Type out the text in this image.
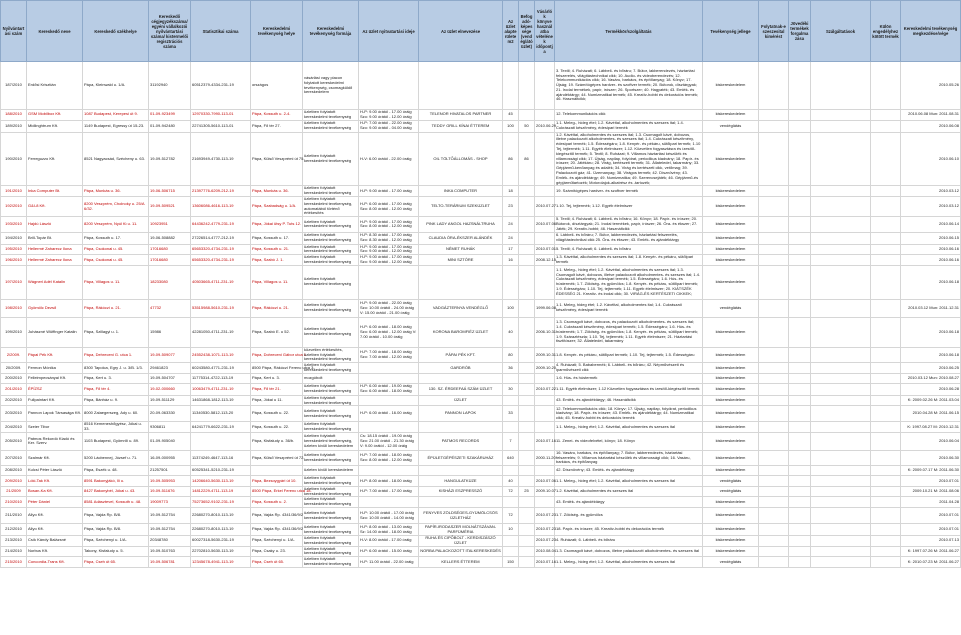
Nyilvántartási szám	Kereskedő neve	Kereskedő székhelye	Kereskedő cégjegyzékszáma/ egyéni vállalkozói nyilvántartási száma/ kistermelői regisztrációs száma	Statisztikai száma	Kereskedelmi tevékenység helye	Kereskedelmi tevékenység formája	Az üzlet nyitvatartási ideje	Az üzlet elnevezése	Az üzlet alapterülete m2	Befogadó-képessége (vendéglátó üzlet)	Vásárlók könyve használatba vételének időpontja	Termékkör/szolgáltatás	Tevékenység jellege	Folytatnak-e szeszesital kimérést	Jövedéki termékek forgalmazása	Szálgáltatások	Külön engedélyhez kötött termék	Kereskedelmi tevékenység megkezdése/vége
187/2010	Erdősi Krisztián	Pápa, Kleinwald u. 1/A.	31192940	60512379-4334-231-19	országos	vásárlási vagy piacon folytatott kereskedelmi tevékenység, csomagküldő kereskedelem						3. Textil; 4. Ruházati; 6. Lábbeli- és bőráru; 7. Bútor, lakberendezés, háztartási felszerelés, világítástechnikai cikk; 10. Audio- és videoberendezés; 12. Telekommunikációs cikk; 16. Vasáru, barkács, és építőanyag; 18. Könyv; 17. Újság; 19. Számítógépes hardver- és szoftver termék; 20. Bútorok, dísztárgyak; 21. Irodai termékek, papír, írószer; 26. Sportszer; 40. Hagyaték; 43. Emlék- és ajándéktárgy; 44. Numizmatikai termék; 45. Kreatív-hobbi és dekorációs termék; 46. Használtcikk;	kiskereskedelem					2010.05.26
188/2010	GSM Mobilbox Kft.	1087 Budapest, Kerepesi út 9.	01-09-923499	12970330-7990-113-01	Pápa, Kossuth u. 2-4.	üzletben folytatott kereskedelmi tevékenység	H-P: 9.00 órától - 17.00 óráig Szo: 9.00 órától - 12.00 óráig	TELENOR HIVATALOS PARTNER	45			12. Telekommunikációs cikk	kiskereskedelem					2010.06.08 Mun: 2011.08.31
189/2010	Midlinghtrum Kft.	1149 Budapest, Egressy út 15-23.	01-09-942480	22741305-5610-113-01	Pápa, Fő tér 27.	üzletben folytatott kereskedelmi tevékenység	H-P: 7.00 órától - 22.00 óráig Szo: 9.00 órától - 04.00 óráig	TEDDY GRILL KÍNAI ÉTTEREM	100	50	2010.06.29	1.1. Meleg-, hideg étel; 1.2. Kávéital, alkoholmentes és szeszes ital; 1.4. Cukrászati készítmény, édesipari termék	vendéglátás					2010.06.08
190/2010	Ferreguzzo Kft.	8521 Nagyacsád, Szécheny u. 63.	19-09-512782	21693949-4730-113-19	Pápa, Külső Veszprémi út 75.	üzletben folytatott kereskedelmi tevékenység	H-V: 6.00 órától - 22.00 óráig	OIL TÖLTŐÁLLOMÁS - SHOP	86	86		1.2. Kávéital, alkoholmentes és szeszes ital; 1.3. Csomagolt kávé, dobozos, illetve palackozott alkoholmentes- és szeszes ital; 1.4. Cukrászati készítmény, édesipari termék; 1.5. Édességáru; 1.8. Kenyér- és pékáru, sütőipari termék; 1.10 Tej, tejtermék; 1.11. Egyéb élelmiszer; 1.12. Közvetlen fogyasztásra és ízesítő-kiegészítő termék; 5. Textil; 8. Ruházat; 9. Villamos háztartási készülék és villamossági cikk; 17. Újság, napilap, folyóirat, periodikus kiadvány; 18. Papír- és írószer; 20. Játékáru; 28. Virág, kertészeti termék; 31. Állateledel, takarmány; 33. Gépjármű-kenőanyag és adalék; 34. Virág és kertészeti cikk, vetőmag; 39. Palackozott gáz; 41. Üzemanyag; 38. Virágos termék; 42. Dísznövény; 43. Emlék- és ajándéktárgy; 49. Numizmatika; 49. Szerencsejáték; 46. Gépjármű-és gépjárműtartozék; Motorolajok-alkatrész és -tartozék;	kiskereskedelem					2010.06.10
191/2010	Inka Computer Bt.	Pápa, Munkás u. 36.	19-06-506715	21397776-6209-212-19	Pápa, Munkás u. 36.	üzletben folytatott kereskedelmi tevékenység	H-P: 9.00 órától - 17.00 óráig	INKA COMPUTER	18			19. Számítógépes hardver- és szoftver termék	kiskereskedelem					2010.03.12
192/2010	G&I-8 Kft.	8200 Veszprém, Cholnoky u. 25/A 6/32.	19-09-509521	13606086-4616-113-19	Pápa, Szabadság u. 1/A.	üzletben folytatott kereskedelmi tevékenység, automatából történő értékesítés	H-P: 6.00 órától - 17.00 óráig Szo: 8.00 órától - 12.00 óráig	TELTO-TERÁRIUM SZEKÜZLET	23		2010.07.27	1.10. Tej, tejtermék; 1.12. Egyéb élelmiszer	kiskereskedelem					2010.03.12
193/2010	Hajdú László	8200 Veszprém, Nyúl fü u. 11.	10923951	64436242-4779-231-19	Pápa, Jókai ütsy P. Tuts 12.	üzletben folytatott kereskedelmi tevékenység	H-P: 9.00 órától - 17.00 óráig Szo: 8.00 órától - 12.00 óráig	PINK LADY ANGOL HAZSNÁLTRUHA	24		2010.07.06	5. Textil; 4. Ruházati; 6. Lábbeli- és bőráru; 16. Könyv; 18. Papír- és írószer; 20. Bútorok, dísztárgyak; 21. Irodai termékek, papír, írószer; 26. Óra- és ékszer; 27. Játék; 29. Kreatív-hobbi; 46. Használtcikk	kiskereskedelem					2010.06.14
194/2010	Brill-Topár Bt.	Pápa, Kossuth u. 17.	19-06-508882	27226514-4777-212-19	Pápa, Kossuth u. 17.	üzletben folytatott kereskedelmi tevékenység	H-P: 8.30 órától - 17.00 óráig Szo: 8.30 órától - 12.00 óráig	CLAUDIA ÓRA-ÉKSZER ALÁNDÉK	24			6. Lábbeli- és bőráru; 7. Bútor, lakberendezés, háztartási felszerelés, világítástechnikai cikk 25. Óra- és ékszer; 43. Emlék- és ajándéktárgy	kiskereskedelem					2010.06.15
195/2010	Hellermé Zaharecz Ilona	Pápa, Csokonai u. 45.	17016680	65653320-4734-231-19	Pápa, Kossuth u. 21.	üzletben folytatott kereskedelmi tevékenység	H-P: 9.00 órától - 17.00 óráig Szo: 9.00 órától - 12.00 óráig	NÉMET RUHÁK	17		2010.07.01	5. Textil; 4. Ruházati; 6. Lábbeli- és bőráru	kiskereskedelem					2010.06.16
196/2010	Hellermé Zaharecz Ilona	Pápa, Csokonai u. 45.	17016680	65653320-4734-231-19	Pápa, Szabó J. 1.	üzletben folytatott kereskedelmi tevékenység	H-P: 9.00 órától - 17.00 óráig Szo: 9.00 órától - 12.00 óráig	MINI SZTÓRE	16		2008.12.15	1.3. Kávéital, alkoholmentes és szeszes ital; 1.8. Kenyér- és pékáru, sütőipari termék	kiskereskedelem					2010.06.16
197/2010	Wágnerl Adél Katalin	Pápa, Villagos u. 11.	18233080	40503665-4711-231-19	Pápa, Villagos u. 11.	üzletben folytatott kereskedelmi tevékenység						1.1. Meleg-, hideg étel; 1.2. Kávéital, alkoholmentes és szeszes ital; 1.3. Csomagolt kávé, dobozos, illetve palackozott alkoholmentes- és szeszes ital; 1.4. Cukrászati készítmény, édesipari termék; 1.5. Édességáru; 1.6. Hús- és hústermék; 1.7. Zöldség- és gyümölcs; 1.8. Kenyér- és pékáru, sütőipari termék; 1.9. Édességáru; 1.10. Tej, tejtermék; 1.11. Egyéb élelmiszer; 20. KIÁTSZÉK ÉDESSÉG 21. Kreatív- és irodai cikk; 30. VIRÁG-ÉS KERTÉSZETI CIKKEK;	kiskereskedelem					2010.06.18
198/2010	Gyömölc Dezső	Pápa, Rákóczi u. 21.	47732	53515988-5610-231-19	Pápa, Rákóczi u. 21.	üzletben folytatott kereskedelmi tevékenység	H-P: 9.00 órától - 22.00 óráig Szo: 10.00 órától - 24.00 óráig V: 15.00 órától - 21.00 óráig	VADGÁZTERNYA VENDÉGLŐ	100		1999.06.08	1.1. Meleg, hideg étel; 1.2. Kávéital, alkoholmentes ital; 1.4. Cukrászati készítmény, édesipari termék	vendéglátás					2010.03.12 Mun: 2011.12.31
199/2010	Juhászné Wüffinger Katalin	Pápa, Szillagyi u. 1.	15986	42281050-4711-231-19	Pápa, Szabó E. u 52.	üzletben folytatott kereskedelmi tevékenység	H-P: 6.00 órától - 18.00 óráig Szo: 6.00 órától - 12.00 óráig V: 7.00 órától - 10.00 óráig	KORONA BAROMFIÉZ ÜZLET	40		2006.10.31	1.3. Csomagolt kávé, dobozos, és palackozott alkoholmentes- és szeszes ital; 1.4. Cukrászati készítmény, édesipari termék; 1.5. Édességáru; 1.6. Hús- és hústermék; 1.7. Zöldség- és gyümölcs; 1.8. Kenyér- és pékáru, sütőipari termék; 1.9. Száraztészta; 1.10. Tej, tejtermék; 1.11. Egyéb élelmiszer; 21. Háztartási tisztítószer; 32. Állateledel, takarmány	kiskereskedelem					2010.06.18
2/2009.	Pápai Pék Kft.	Pápa, Dehreceni G. utca 1.	19-09-509077	24552438-1071-113-19	Pápa, Dohreceni Gábor utca 1.	közvetlen értékesítés, üzletben folytatott kereskedelmi tevékenység	H-P: 7.00 órától - 18.00 óráig Szo: 7.00 órától - 12.00 óráig	PÁPAI PÉK KFT.	80		2009.10.31	1.8. Kenyér- és pékáru, sütőipari termék; 1.10. Tej, tejtermék; 1.5. Édességáru	kiskereskedelem					2010.06.18
20/2009.	Fermon Mónika	8300 Tapolca, Egry J. u. 3/B. 1/3.	29461823	60243580-4771-231-19	8500 Pápa, Rákóczi Ferenc utca 3.	üzletben folytatott kereskedelmi tevékenység		GARDRÓB	36		2009.10.20	4. Ruházati; 5. Bababermék; 6. Lábbeli- és bőráru; 42. Népművészeti és iparművészeti cikk	kiskereskedelem					2010.06.25
200/2010	Felleimpecsányai Kft.	Pápa, Kert u. 3.	19-09-504707	11775314-4722-113-19	Pápa, Kert u. 3.	mozgóbolt						1.6. Hús- és hústermék	kiskereskedelem					2010.03.12 Mun: 2010.08.27
201/2010	ÉPÍZSZ	Pápa, Fő tér 4.	19-02-000660	10063479-4711-231-19	Pápa, Fő tér 21.	üzletben folytatott kereskedelmi tevékenység	H-P: 6.00 órától - 19.00 óráig Szo: 6.00 órától - 18.00 óráig	130. SZ. ÉRDEEFAÁ SZÁM ÜZLET	30		2010.07.22	1.11. Egyéb élelmiszer; 1.12 Közvetlen fogyasztásra és ízesítő-kiegészítő termék	kiskereskedelem					2010.06.28
202/2010	Fullpaintart Kft.	Pápa, Bánház u. 9.	19-09-511129	14631868-1812-113-19	Pápa, Jókai u 11.	üzletben folytatott kereskedelmi tevékenység		ÜZLET				43. Emlék- és ajándéktárgy; 46. Használtcikk	kiskereskedelem					K: 2009.02.26 M: 2011.03.04
203/2010	Pannon Lapok Társasága Kft.	8000 Zalaegerszeg, Ady u. 60.	20-09-063330	11340530-5812-113-20	Pápa, Kossuth u. 22.	üzletben folytatott kereskedelmi tevékenység	H-P: 6.00 órától - 16.00 óráig	PANNON LAPOK	33			12. Telekommunikációs cikk; 18. Könyv; 17. Újság, napilap, folyóirat, periodikus kiadvány; 18. Papír- és írószer; 43. Emlék- és ajándéktárgy; 44. Numizmatikai cikk; 45. Kreatív-hobbi és dekorációs termék	kiskereskedelem					2010.04.28 M: 2011.06.15
204/2010	Szeier Tibor	8516 Kemeneshőgyész, Jókai u. 33.	9306811	64241779-6622-231-19	Pápa, Kossuth u. 22.	üzletben folytatott kereskedelmi tevékenység						1.1. Meleg-, hideg étel; 1.2. Kávéital, alkoholmentes és szeszes ital	kiskereskedelem					K: 1997.08.27 M: 2010.12.31
205/2010	Patmos Rekordó Kiadó és Ker. Szerv.	1103 Budapest, Gyömrői u. 89.	01-09-905040		Pápa, Kisfaludy u. 36/b.	üzletben folytatott kereskedelmi tevékenység, üzleten kívüli kereskedelem	Cs: 18.15 órától - 19.00 óráig Szo: 21.00 órától - 21.30 óráig V: 9.00 órától - 12.00 óráig	PATMOS RECORDS	7		2010.07.16	11. Zenei- és videofelvétel, könyv; 18. Könyv	kiskereskedelem					2010.06.04
207/2010	Szalmár Kft.	5200 Lácbennej, József u. 71.	16-09-000955	11374249-4647-113-16	Pápa, Külső Veszprémi út 72.	üzletben folytatott kereskedelmi tevékenység	H-P: 7.00 órától - 18.00 óráig Szo: 8.00 órától - 12.00 óráig	ÉPÜLETGÉPÉSZETI SZAKÁRUHÁZ	640		2000.11.20	16. Vasáru, barkács, és építőanyag; 7. Bútor, lakberendezés, háztartási felszerelés; 9. Villamos háztartási készülék és villamossági cikk; 16. Vasáru, barkács, és építőanyag	kiskereskedelem					2010.06.30
208/2010	Kulcsi Péter László	Pápa, Eszék u. 48.	21257501	60525341-5210-231-19		üzleten kívüli kereskedelem						42. Dísznövény; 43. Emlék- és ajándéktárgy	kiskereskedelem					K: 2009.07.17 M: 2011.06.30
209/2010	Lóki-Tak Kft.	8591 Bakonyjákó, Ili u.	19-09-505953	14206640-5630-113-19	Pápa, Bezsoygyári út 10.	üzletben folytatott kereskedelmi tevékenység	H-P: 8.00 órától - 18.00 óráig	HANGULATKÜZE	40		2010.07.06	1.1. Meleg-, hideg étel; 1.2. Kávéital, alkoholmentes és szeszes ital	vendéglátás					2010.07.01
21/2009	Bosan-Ka Kft.	8427 Bakonybél, Jókai u. 43.	19-09-511676	14812229-4711-113-19	8500 Pápa, Erkel Ferenc utca 18.	üzletben folytatott kereskedelmi tevékenység	H-P: 7.00 órától - 17.00 óráig	KISHÁZI ESZPRESSZÓ	72	25	2009.10.07	1.2. Kávéital, alkoholmentes és szeszes ital	vendéglátás					2009.10.21 M: 2011.08.06
210/2010	Péter Dániel	8581 Adásztevel, Kossuth u. 48.	19009773	75273652-9102-231-19	Pápa, Kossuth u. 2.	üzletben folytatott kereskedelmi tevékenység						43. Emlék- és ajándéktárgy	kiskereskedelem					2011.04.28
211/2010	Allyo Kft.	Pápa, Vajda Rp. B/8.	19-09-512754	22680270-8010-113-19	Pápa, Vajda Rp. 4341/36/9/2	üzletben folytatott kereskedelmi tevékenység	H-P: 10.00 órától - 17.00 óráig Szo: 10.00 órától - 14.00 óráig	FENYVES ZÖLDSÉGES-GYÜMÖLCSÖS ÜZLETHÁZ	72		2010.07.23	1.7. Zöldség- és gyümölcs	kiskereskedelem					2010.07.01
212/2010	Allyo Kft.	Pápa, Vajda Rp. B/8.	19-09-512754	22680270-8010-113-19	Pápa, Vajda Rp. 4341/36/9/2	üzletben folytatott kereskedelmi tevékenység	H-P: 8.00 órától - 13.00 óráig Sz: 14.00 órától - 18.00 óráig	PAPÍR-IRODASZER MOLNÁTSZÁVAN-PARFÜMÉRIA	10		2010.07.23	18. Papír- és írószer; 45. Kreatív-hobbi és dekorációs termék	kiskereskedelem					2010.07.01
213/2010	Csík Kándy Balázsné	Pápa, Széchenyi u. 1/A.	20348780	60027318-5630-231-19	Pápa, Széchenyi u. 1/A.	üzletben folytatott kereskedelmi tevékenység	H-V: 8.00 órától - 17.00 óráig	RUHA ÉS CIPŐBOLT - KERDISZÁSZÓ ÜZLET			2010.07.23	4. Ruházati; 6. Lábbeli- és bőráru	kiskereskedelem					2010.07.13
214/2010	Norbus Kft.	Takony, Kisfaludy u. 5.	19-09-510763	22702810-5630-113-19	Pápa, Csaky u. 23.	üzletben folytatott kereskedelmi tevékenység	H-P: 6.00 órától - 15.00 óráig	NORBA PALACKOZOTT ITALKERESKEDÉS			2010.08.04	1.3. Csomagolt kávé, dobozos, illetve palackozott alkoholmentes- és szeszes ital	kiskereskedelem					K: 1997.07.26 M: 2011.06.27
215/2010	Concordia-Trans Kft.	Pápa, Cseh út 65.	19-09-506781	12345678-4941-113-19	Pápa, Cseh út 65.	üzletben folytatott kereskedelmi tevékenység	H-P: 11.00 órától - 22.00 óráig	KELLERS ÉTTEREM	150		2010.07.16	1.1. Meleg-, hideg étel; 1.2. Kávéital, alkoholmentes és szeszes ital	vendéglátás					K: 2010.07.23 M: 2011.06.27
